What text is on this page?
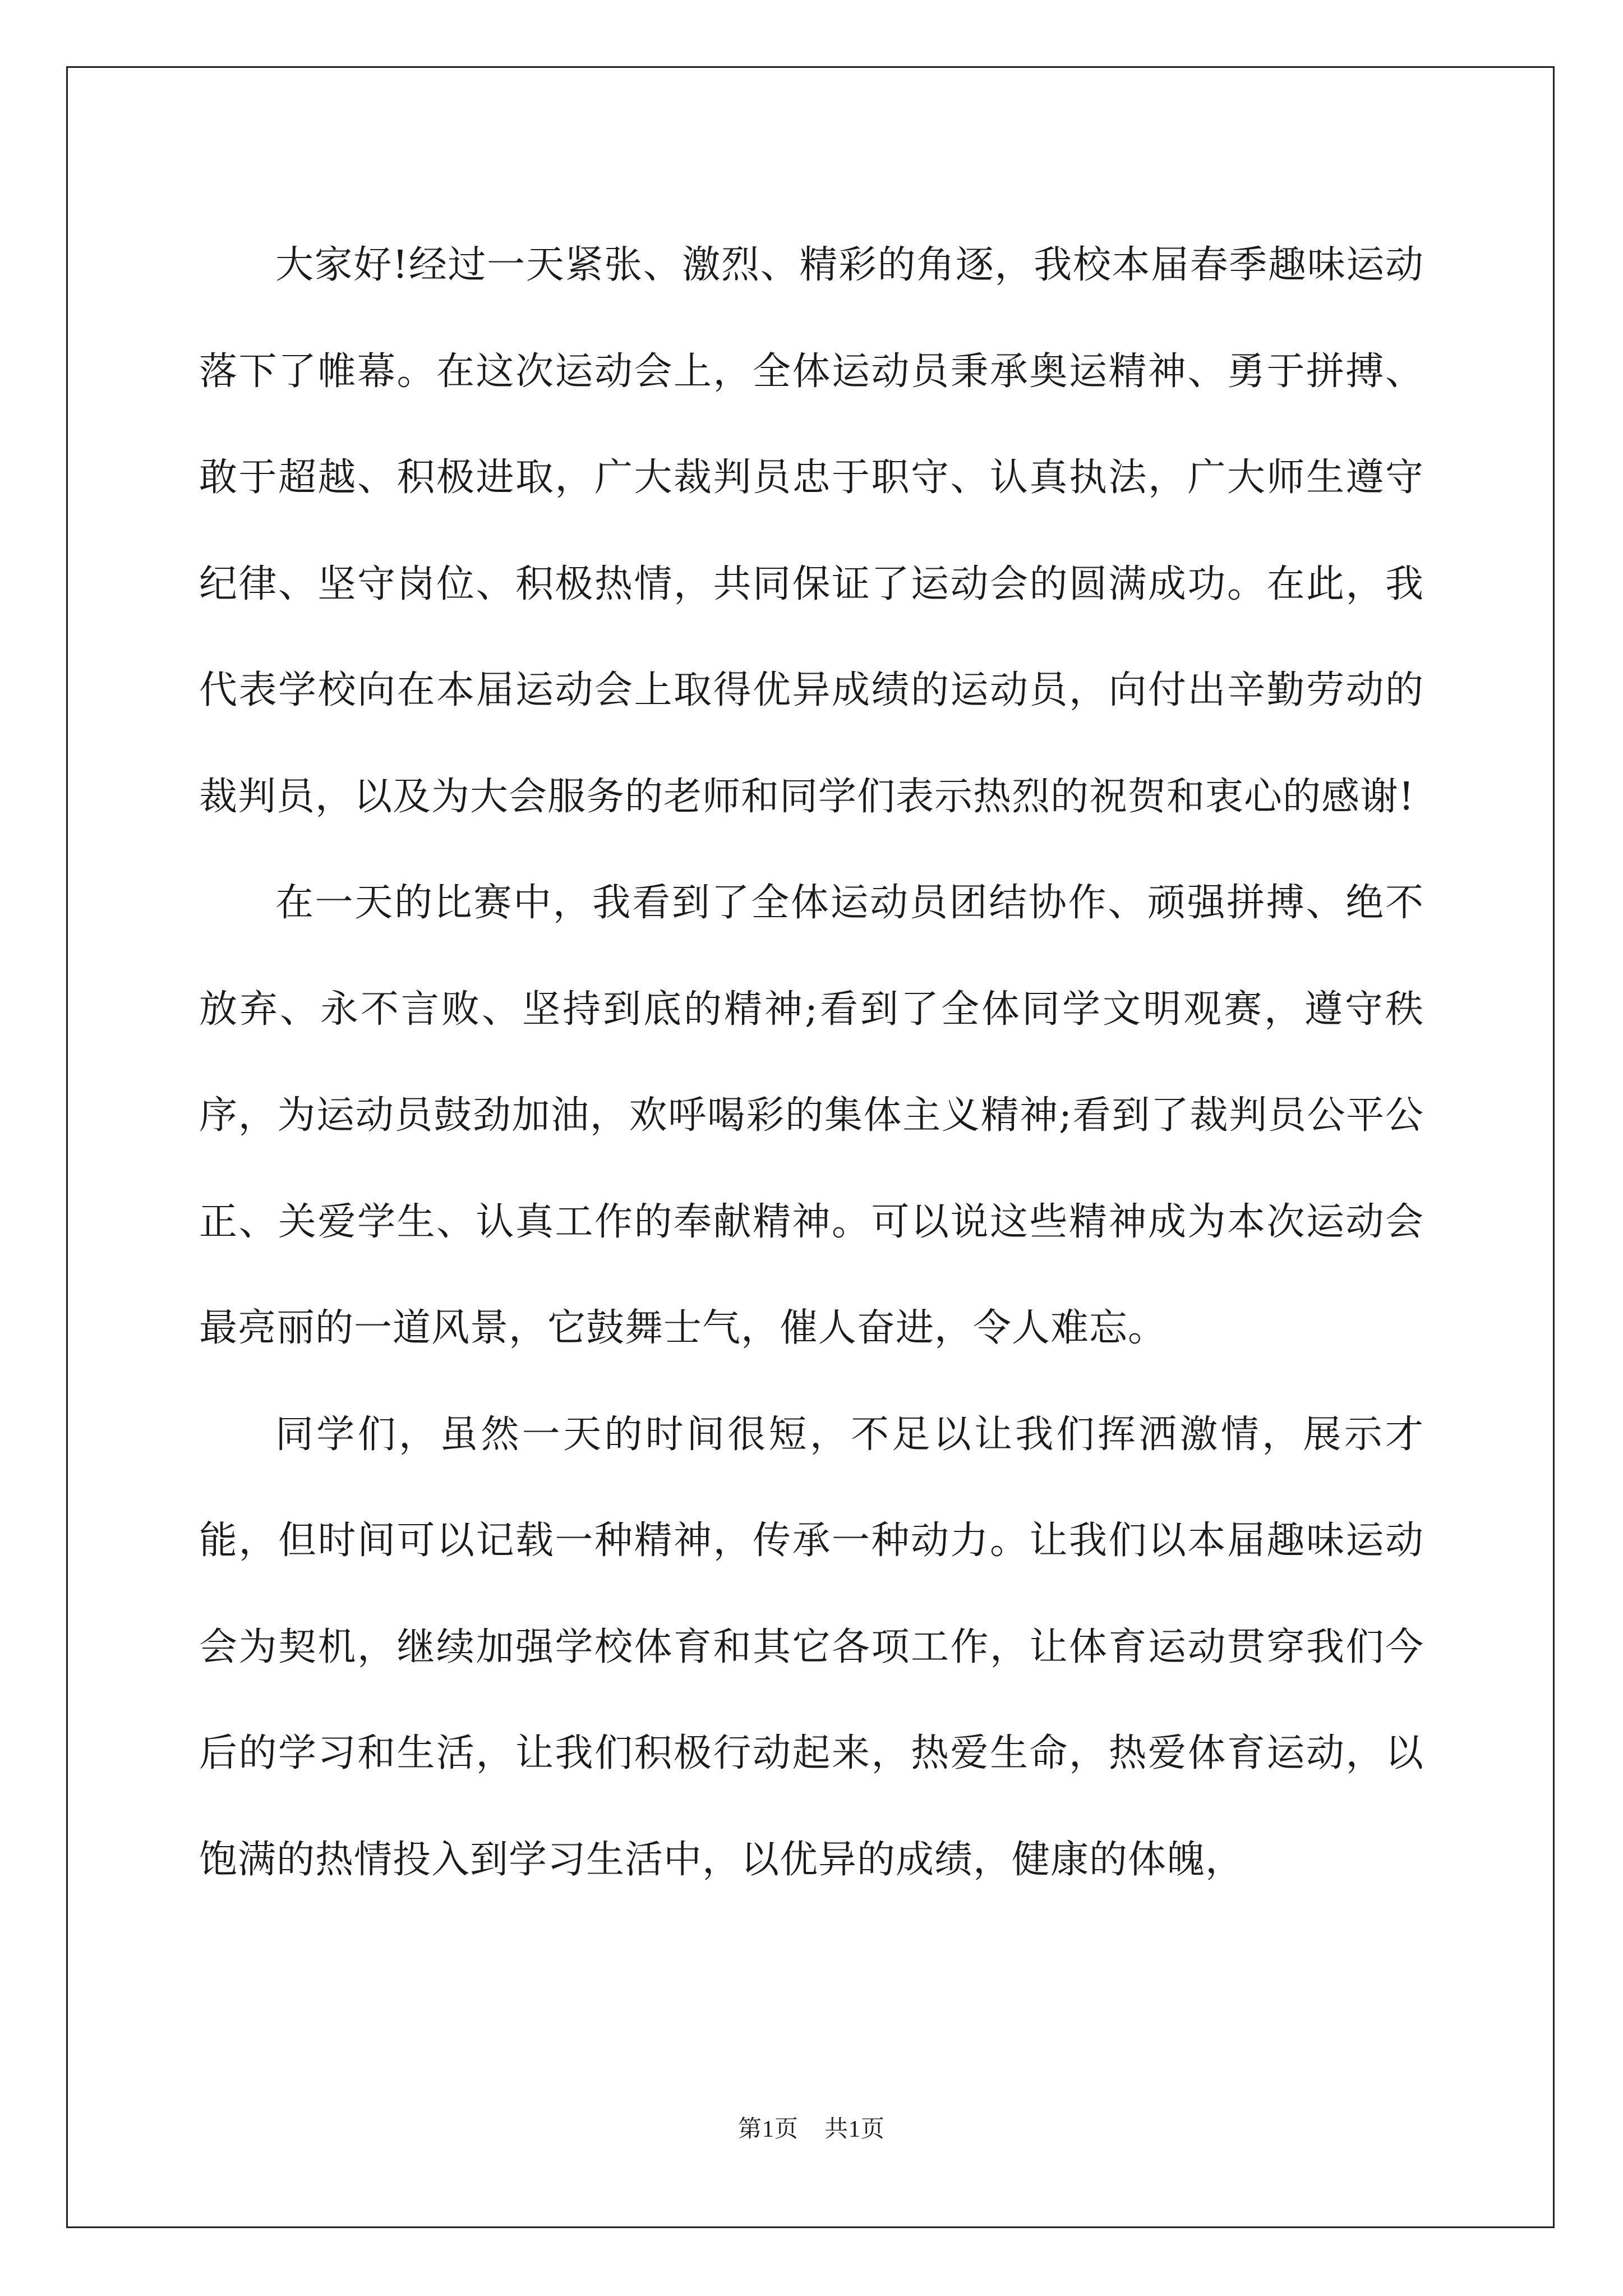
大家好!经过一天紧张、激烈、精彩的角逐，我校本届春季趣味运动落下了帷幕。在这次运动会上，全体运动员秉承奥运精神、勇于拼搏、敢于超越、积极进取，广大裁判员忠于职守、认真执法，广大师生遵守纪律、坚守岗位、积极热情，共同保证了运动会的圆满成功。在此，我代表学校向在本届运动会上取得优异成绩的运动员，向付出辛勤劳动的裁判员，以及为大会服务的老师和同学们表示热烈的祝贺和衷心的感谢!

在一天的比赛中，我看到了全体运动员团结协作、顽强拼搏、绝不放弃、永不言败、坚持到底的精神;看到了全体同学文明观赛，遵守秩序，为运动员鼓劲加油，欢呼喝彩的集体主义精神;看到了裁判员公平公正、关爱学生、认真工作的奉献精神。可以说这些精神成为本次运动会最亮丽的一道风景，它鼓舞士气，催人奋进，令人难忘。

同学们，虽然一天的时间很短，不足以让我们挥洒激情，展示才能，但时间可以记载一种精神，传承一种动力。让我们以本届趣味运动会为契机，继续加强学校体育和其它各项工作，让体育运动贯穿我们今后的学习和生活，让我们积极行动起来，热爱生命，热爱体育运动，以饱满的热情投入到学习生活中，以优异的成绩，健康的体魄，

第1页 共1页
